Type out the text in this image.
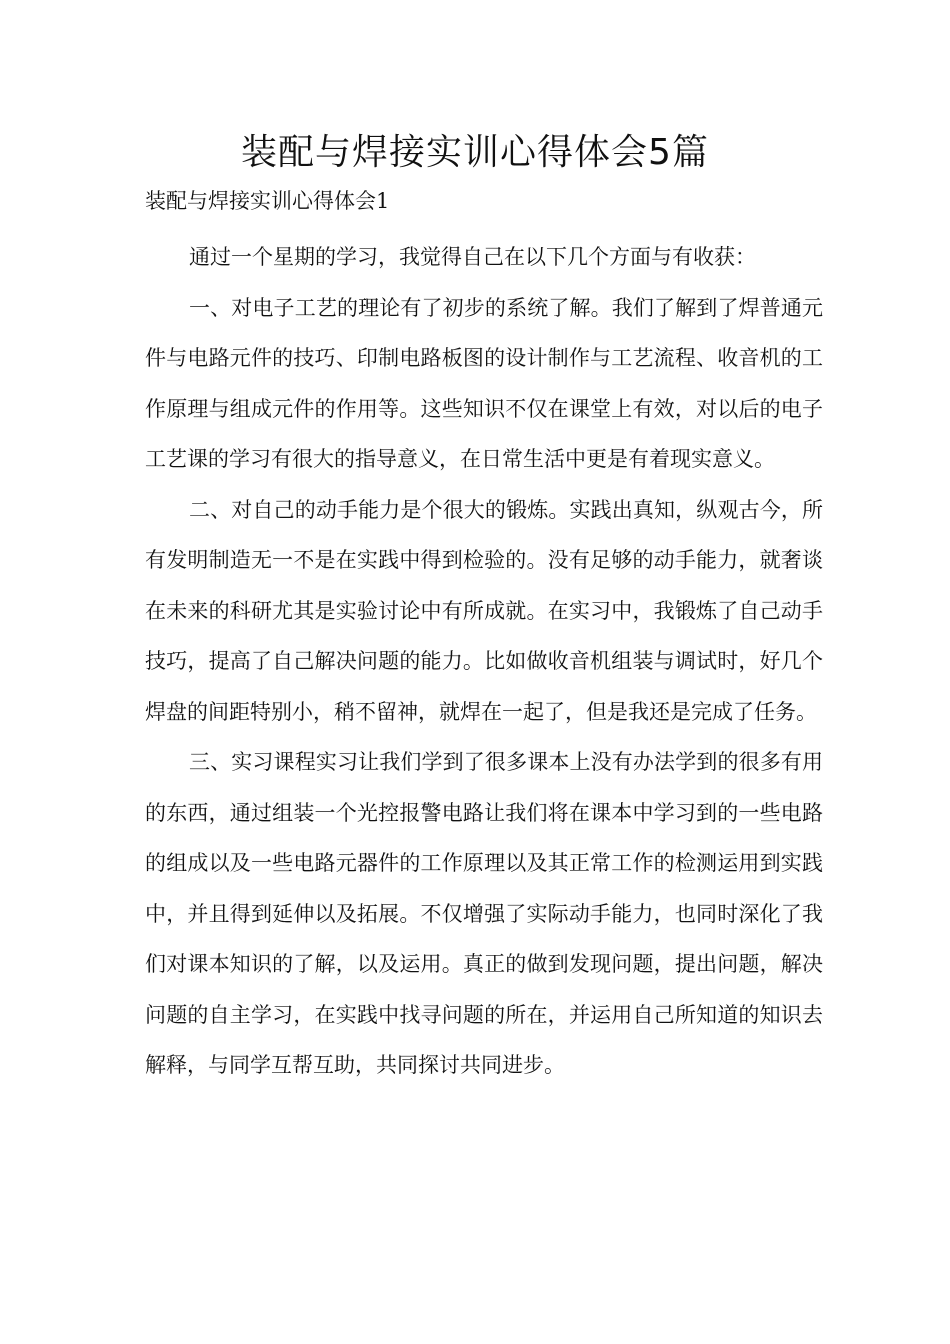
装配与焊接实训心得体会5篇

装配与焊接实训心得体会1

通过一个星期的学习，我觉得自己在以下几个方面与有收获：

一、对电子工艺的理论有了初步的系统了解。我们了解到了焊普通元件与电路元件的技巧、印制电路板图的设计制作与工艺流程、收音机的工作原理与组成元件的作用等。这些知识不仅在课堂上有效，对以后的电子工艺课的学习有很大的指导意义，在日常生活中更是有着现实意义。

二、对自己的动手能力是个很大的锻炼。实践出真知，纵观古今，所有发明制造无一不是在实践中得到检验的。没有足够的动手能力，就奢谈在未来的科研尤其是实验讨论中有所成就。在实习中，我锻炼了自己动手技巧，提高了自己解决问题的能力。比如做收音机组装与调试时，好几个焊盘的间距特别小，稍不留神，就焊在一起了，但是我还是完成了任务。

三、实习课程实习让我们学到了很多课本上没有办法学到的很多有用的东西，通过组装一个光控报警电路让我们将在课本中学习到的一些电路的组成以及一些电路元器件的工作原理以及其正常工作的检测运用到实践中，并且得到延伸以及拓展。不仅增强了实际动手能力，也同时深化了我们对课本知识的了解，以及运用。真正的做到发现问题，提出问题，解决问题的自主学习，在实践中找寻问题的所在，并运用自己所知道的知识去解释，与同学互帮互助，共同探讨共同进步。
